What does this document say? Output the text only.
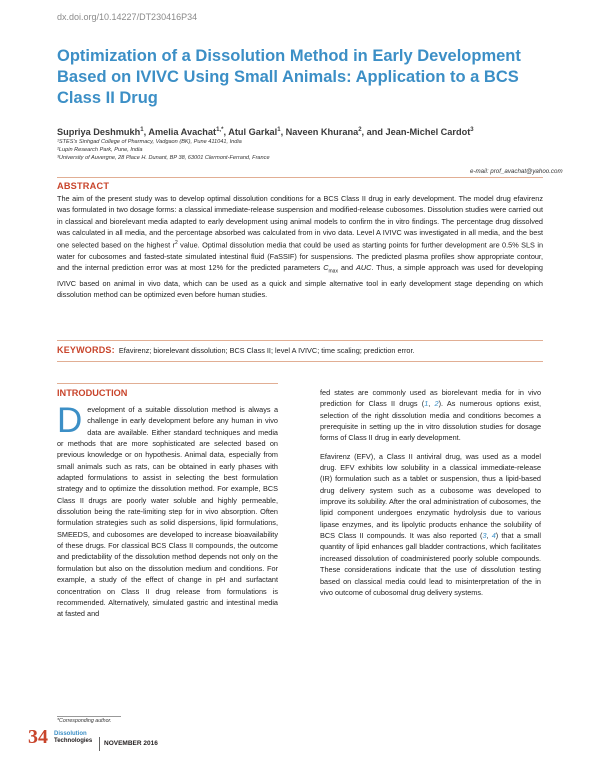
dx.doi.org/10.14227/DT230416P34
Optimization of a Dissolution Method in Early Development Based on IVIVC Using Small Animals: Application to a BCS Class II Drug
Supriya Deshmukh$^1$, Amelia Avachat$^{1,*}$, Atul Garkal$^1$, Naveen Khurana$^2$, and Jean-Michel Cardot$^3$
¹STES's Sinhgad College of Pharmacy, Vadgaon (BK), Pune 411041, India
²Lupin Research Park, Pune, India
³University of Auvergne, 28 Place H. Dunant, BP 38, 63001 Clermont-Ferrand, France
e-mail: prof_avachat@yahoo.com
ABSTRACT
The aim of the present study was to develop optimal dissolution conditions for a BCS Class II drug in early development. The model drug efavirenz was formulated in two dosage forms: a classical immediate-release suspension and modified-release cubosomes. Dissolution studies were carried out in classical and biorelevant media adapted to early development using animal models to confirm the in vitro findings. The percentage drug dissolved was calculated in all media, and the percentage absorbed was calculated from in vivo data. Level A IVIVC was investigated in all media, and the best one selected based on the highest $r^2$ value. Optimal dissolution media that could be used as starting points for further development are 0.5% SLS in water for cubosomes and fasted-state simulated intestinal fluid (FaSSIF) for suspensions. The predicted plasma profiles show appropriate contour, and the internal prediction error was at most 12% for the predicted parameters $C_{max}$ and AUC. Thus, a simple approach was used for developing IVIVC based on animal in vivo data, which can be used as a quick and simple alternative tool in early development stage depending on which dissolution method can be optimized even before human studies.
KEYWORDS: Efavirenz; biorelevant dissolution; BCS Class II; level A IVIVC; time scaling; prediction error.
INTRODUCTION

Development of a suitable dissolution method is always a challenge in early development before any human in vivo data are available. Either standard techniques and media or methods that are more sophisticated are selected based on previous knowledge or on hypothesis. Animal data, especially from small animals such as rats, can be obtained in early phases with adapted formulations to assist in selecting the best formulation strategy and to optimize the dissolution method. For example, BCS Class II drugs are poorly water soluble and highly permeable, dissolution being the rate-limiting step for in vivo absorption. Often formulation strategies such as solid dispersions, lipid formulations, SMEEDS, and cubosomes are developed to increase bioavailability of these drugs. For classical BCS Class II compounds, the outcome and predictability of the dissolution method depends not only on the formulation but also on the dissolution medium and conditions. For example, a study of the effect of change in pH and surfactant concentration on Class II drug release from formulations is recommended. Alternatively, simulated gastric and intestinal media at fasted and

fed states are commonly used as biorelevant media for in vivo prediction for Class II drugs (1, 2). As numerous options exist, selection of the right dissolution media and conditions becomes a prerequisite in setting up the in vitro dissolution studies for dosage forms of Class II drug in early development.

Efavirenz (EFV), a Class II antiviral drug, was used as a model drug. EFV exhibits low solubility in a classical immediate-release (IR) formulation such as a tablet or suspension, thus a lipid-based drug delivery system such as a cubosome was developed to improve its solubility. After the oral administration of cubosomes, the lipid component undergoes enzymatic hydrolysis due to various lipase enzymes, and its lipolytic products enhance the solubility of BCS Class II compounds. It was also reported (3, 4) that a small quantity of lipid enhances gall bladder contractions, which facilitates increased dissolution of coadministered poorly soluble compounds. These considerations indicate that the use of dissolution testing based on classical media could lead to misinterpretation of the in vivo outcome of cubosomal drug delivery systems.

*Corresponding author.
34 Dissolution
Technologies	NOVEMBER 2016
